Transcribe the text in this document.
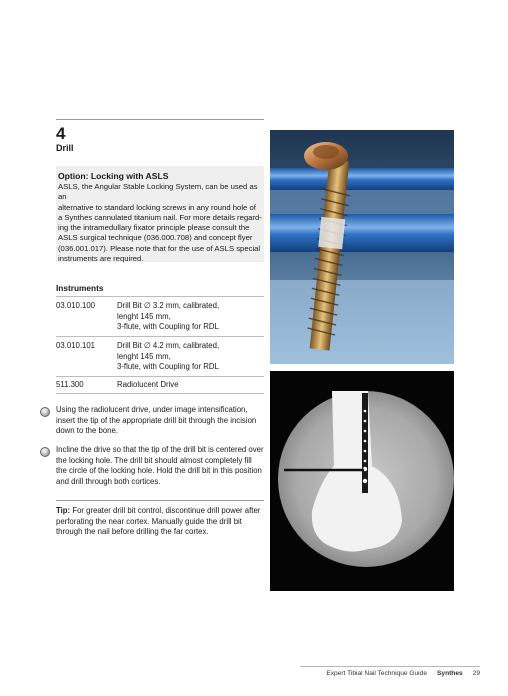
4
Drill
Option: Locking with ASLS
ASLS, the Angular Stable Locking System, can be used as an
alternative to standard locking screws in any round hole of
a Synthes cannulated titanium nail. For more details regard-
ing the intramedullary fixator principle please consult the
ASLS surgical technique (036.000.708) and concept flyer
(036.001.017). Please note that for the use of ASLS special
instruments are required.
Instruments
03.010.100	Drill Bit ∅ 3.2 mm, calibrated,
lenght 145 mm,
3-flute, with Coupling for RDL
03.010.101	Drill Bit ∅ 4.2 mm, calibrated,
lenght 145 mm,
3-flute, with Coupling for RDL
511.300	Radiolucent Drive
Using the radiolucent drive, under image intensification,
insert the tip of the appropriate drill bit through the incision
down to the bone.
Incline the drive so that the tip of the drill bit is centered over
the locking hole. The drill bit should almost completely fill
the circle of the locking hole. Hold the drill bit in this position
and drill through both cortices.
Tip: For greater drill bit control, discontinue drill power after
perforating the near cortex. Manually guide the drill bit
through the nail before drilling the far cortex.
Expert Tibial Nail Technique Guide Synthes 29
